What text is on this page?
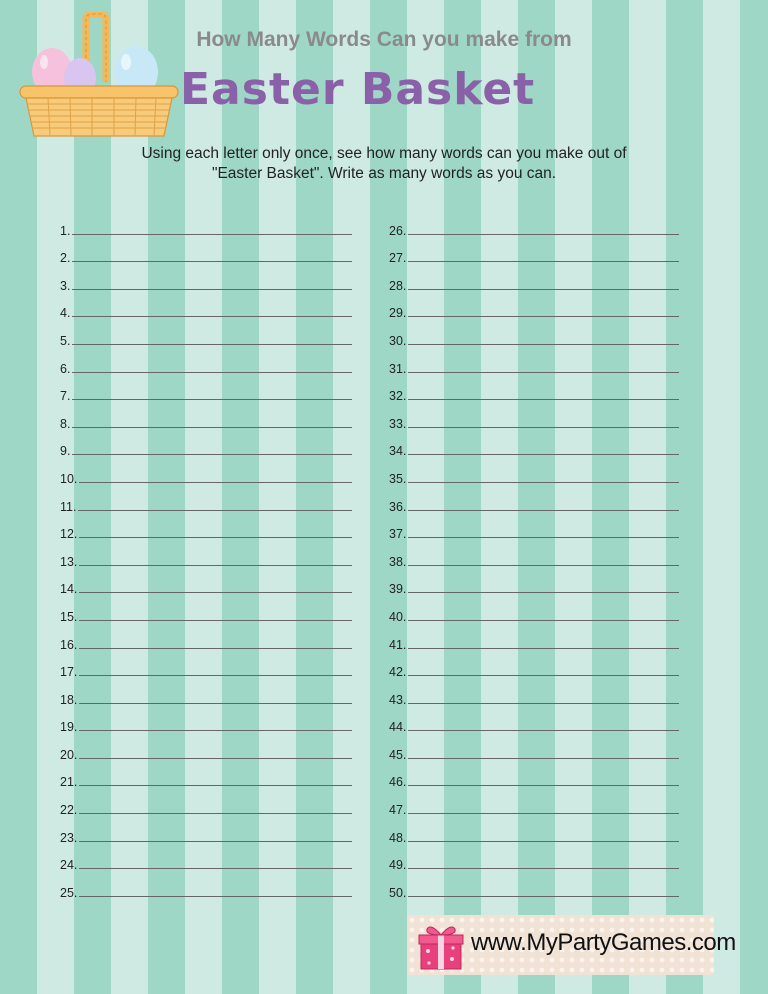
How Many Words Can you make from
Easter Basket
Using each letter only once, see how many words can you make out of
"Easter Basket". Write as many words as you can.
1.
2.
3.
4.
5.
6.
7.
8.
9.
10.
11.
12.
13.
14.
15.
16.
17.
18.
19.
20.
21.
22.
23.
24.
25.
26.
27.
28.
29.
30.
31.
32.
33.
34.
35.
36.
37.
38.
39.
40.
41.
42.
43.
44.
45.
46.
47.
48.
49.
50.
www.MyPartyGames.com
